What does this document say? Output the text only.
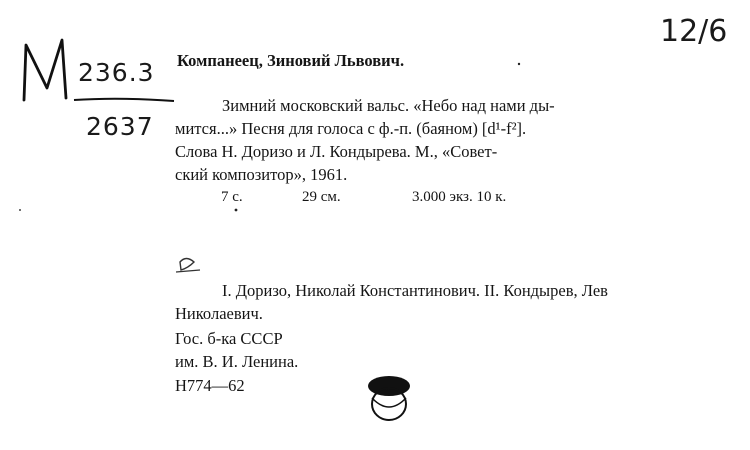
236.3
2637
12/6
Компанеец, Зиновий Львович.
Зимний московский вальс. «Небо над нами ды-
мится...» Песня для голоса с ф.-п. (баяном) [d¹-f²].
Слова Н. Доризо и Л. Кондырева. М., «Совет-
ский композитор», 1961.
7 с.	29 см.	3.000 экз. 10 к.
I. Доризо, Николай Константинович. II. Кондырев, Лев
Николаевич.
Гос. б-ка СССР
им. В. И. Ленина.
Н774—62
